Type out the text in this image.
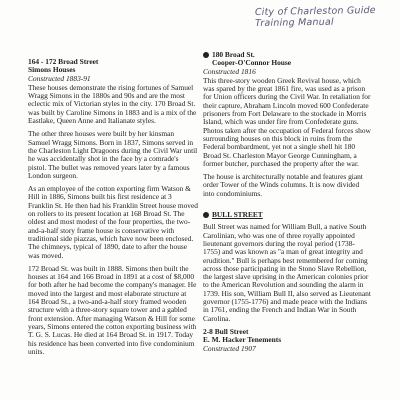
City of Charleston Guide
Training Manual
164 - 172 Broad Street
Simons Houses
Constructed 1883-91

These houses demonstrate the rising fortunes of Samuel Wragg Simons in the 1880s and 90s and are the most eclectic mix of Victorian styles in the city. 170 Broad St. was built by Caroline Simons in 1883 and is a mix of the Eastlake, Queen Anne and Italianate styles.

The other three houses were built by her kinsman Samuel Wragg Simons. Born in 1837, Simons served in the Charleston Light Dragoons during the Civil War until he was accidentally shot in the face by a comrade's pistol. The bullet was removed years later by a famous London surgeon.

As an employee of the cotton exporting firm Watson & Hill in 1886, Simons built his first residence at 3 Franklin St. He then had his Franklin Street house moved on rollers to its present location at 168 Broad St. The oldest and most modest of the four properties, the two-and-a-half story frame house is conservative with traditional side piazzas, which have now been enclosed. The chimneys, typical of 1890, date to after the house was moved.

172 Broad St. was built in 1888. Simons then built the houses at 164 and 166 Broad in 1891 at a cost of $8,000 for both after he had become the company's manager. He moved into the largest and most elaborate structure at 164 Broad St., a two-and-a-half story framed wooden structure with a three-story square tower and a gabled front extension. After managing Watson & Hill for some years, Simons entered the cotton exporting business with T. G. S. Lucas. He died at 164 Broad St. in 1917. Today his residence has been converted into five condominium units.

180 Broad St.
Cooper-O'Connor House
Constructed 1816

This three-story wooden Greek Revival house, which was spared by the great 1861 fire, was used as a prison for Union officers during the Civil War. In retaliation for their capture, Abraham Lincoln moved 600 Confederate prisoners from Fort Delaware to the stockade in Morris Island, which was under fire from Confederate guns. Photos taken after the occupation of Federal forces show surrounding houses on this block in ruins from the Federal bombardment, yet not a single shell hit 180 Broad St. Charleston Mayor George Cunningham, a former butcher, purchased the property after the war.

The house is architecturally notable and features giant order Tower of the Winds columns. It is now divided into condominiums.

BULL STREET

Bull Street was named for William Bull, a native South Carolinian, who was one of three royally appointed lieutenant governors during the royal period (1738-1755) and was known as "a man of great integrity and erudition." Bull is perhaps best remembered for coming across those participating in the Stono Slave Rebellion, the largest slave uprising in the American colonies prior to the American Revolution and sounding the alarm in 1739. His son, William Bull II, also served as Lieutenant governor (1755-1776) and made peace with the Indians in 1761, ending the French and Indian War in South Carolina.

2-8 Bull Street
E. M. Hacker Tenements
Constructed 1907
